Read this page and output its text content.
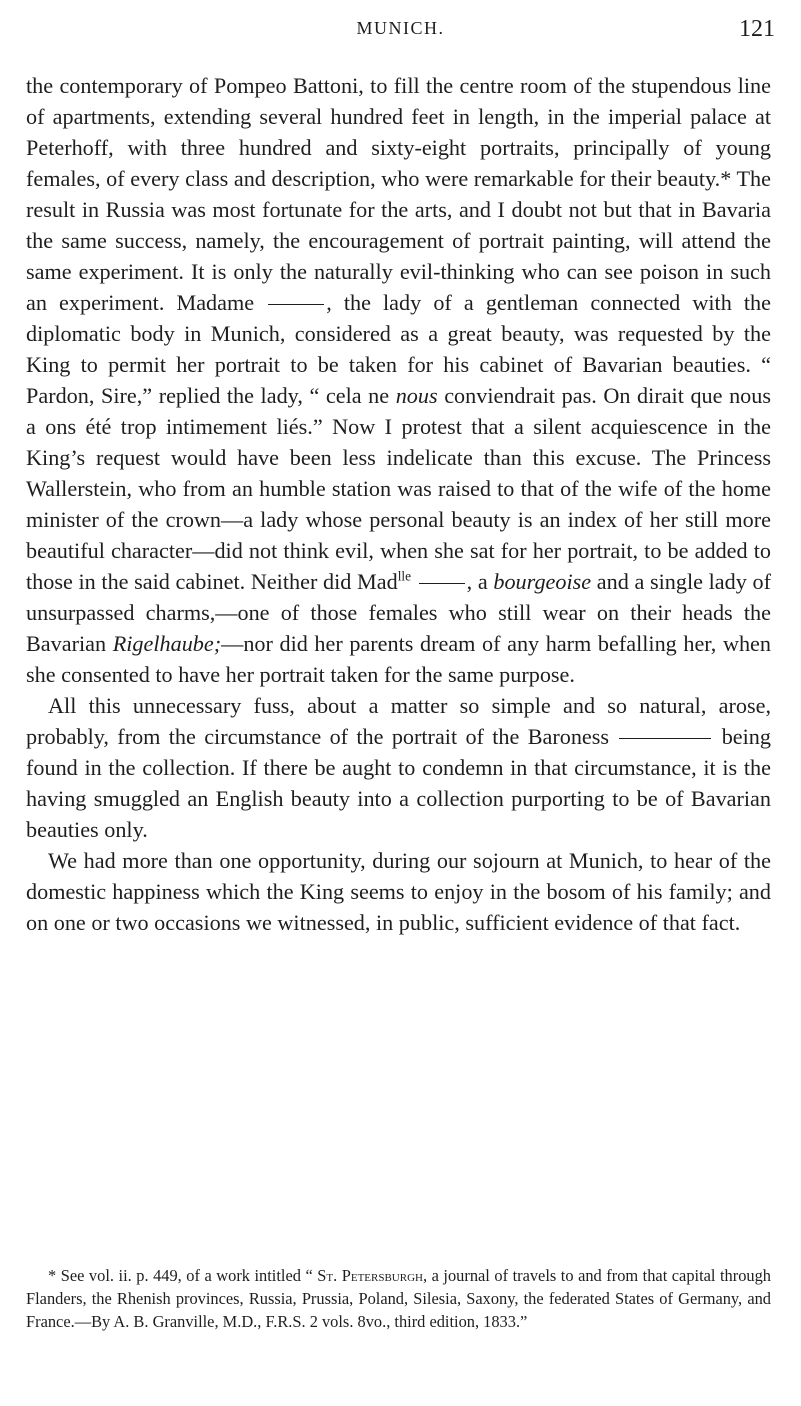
MUNICH.	121

the contemporary of Pompeo Battoni, to fill the centre room of the stupendous line of apartments, extending several hundred feet in length, in the imperial palace at Peterhoff, with three hundred and sixty-eight portraits, principally of young females, of every class and description, who were remarkable for their beauty.* The result in Russia was most fortunate for the arts, and I doubt not but that in Bavaria the same success, namely, the encouragement of portrait painting, will attend the same experiment. It is only the naturally evil-thinking who can see poison in such an experiment. Madame	, the lady of a gentleman connected with the diplomatic body in Munich, considered as a great beauty, was requested by the King to permit her portrait to be taken for his cabinet of Bavarian beauties. “ Pardon, Sire,” replied the lady, “ cela ne nous conviendrait pas. On dirait que nous a ons été trop intimement liés.” Now I protest that a silent acquiescence in the King’s request would have been less indelicate than this excuse. The Princess Wallerstein, who from an humble station was raised to that of the wife of the home minister of the crown—a lady whose personal beauty is an index of her still more beautiful character—did not think evil, when she sat for her portrait, to be added to those in the said cabinet. Neither did Mad$^{lle}$	, a bourgeoise and a single lady of unsurpassed charms,—one of those females who still wear on their heads the Bavarian Rigelhaube;—nor did her parents dream of any harm befalling her, when she consented to have her portrait taken for the same purpose.

All this unnecessary fuss, about a matter so simple and so natural, arose, probably, from the circumstance of the portrait of the Baroness	being found in the collection. If there be aught to condemn in that circumstance, it is the having smuggled an English beauty into a collection purporting to be of Bavarian beauties only.

We had more than one opportunity, during our sojourn at Munich, to hear of the domestic happiness which the King seems to enjoy in the bosom of his family; and on one or two occasions we witnessed, in public, sufficient evidence of that fact.

* See vol. ii. p. 449, of a work intitled “ St. Petersburgh, a journal of travels to and from that capital through Flanders, the Rhenish provinces, Russia, Prussia, Poland, Silesia, Saxony, the federated States of Germany, and France.—By A. B. Granville, M.D., F.R.S. 2 vols. 8vo., third edition, 1833.”
